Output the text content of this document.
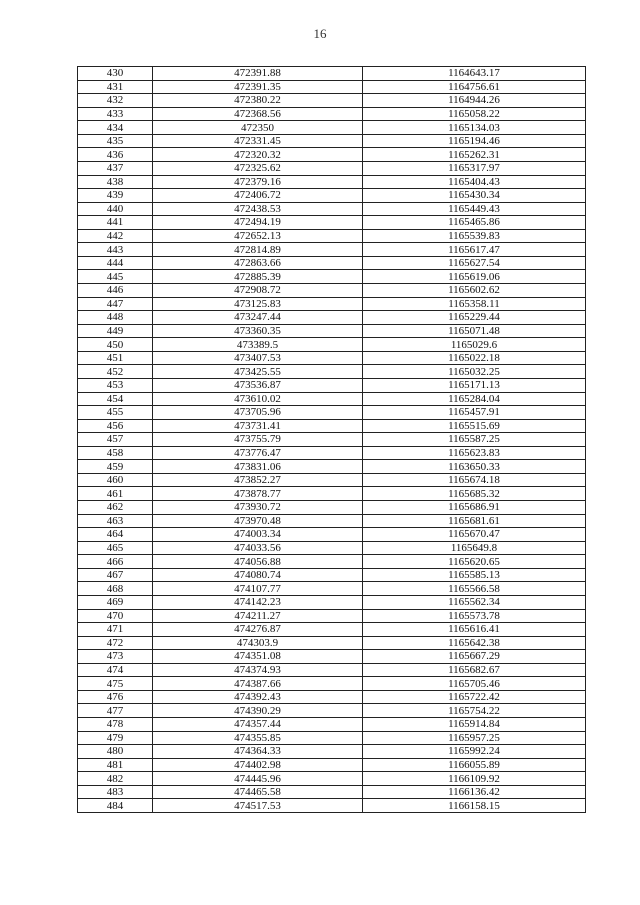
16
430	472391.88	1164643.17
431	472391.35	1164756.61
432	472380.22	1164944.26
433	472368.56	1165058.22
434	472350	1165134.03
435	472331.45	1165194.46
436	472320.32	1165262.31
437	472325.62	1165317.97
438	472379.16	1165404.43
439	472406.72	1165430.34
440	472438.53	1165449.43
441	472494.19	1165465.86
442	472652.13	1165539.83
443	472814.89	1165617.47
444	472863.66	1165627.54
445	472885.39	1165619.06
446	472908.72	1165602.62
447	473125.83	1165358.11
448	473247.44	1165229.44
449	473360.35	1165071.48
450	473389.5	1165029.6
451	473407.53	1165022.18
452	473425.55	1165032.25
453	473536.87	1165171.13
454	473610.02	1165284.04
455	473705.96	1165457.91
456	473731.41	1165515.69
457	473755.79	1165587.25
458	473776.47	1165623.83
459	473831.06	1163650.33
460	473852.27	1165674.18
461	473878.77	1165685.32
462	473930.72	1165686.91
463	473970.48	1165681.61
464	474003.34	1165670.47
465	474033.56	1165649.8
466	474056.88	1165620.65
467	474080.74	1165585.13
468	474107.77	1165566.58
469	474142.23	1165562.34
470	474211.27	1165573.78
471	474276.87	1165616.41
472	474303.9	1165642.38
473	474351.08	1165667.29
474	474374.93	1165682.67
475	474387.66	1165705.46
476	474392.43	1165722.42
477	474390.29	1165754.22
478	474357.44	1165914.84
479	474355.85	1165957.25
480	474364.33	1165992.24
481	474402.98	1166055.89
482	474445.96	1166109.92
483	474465.58	1166136.42
484	474517.53	1166158.15
